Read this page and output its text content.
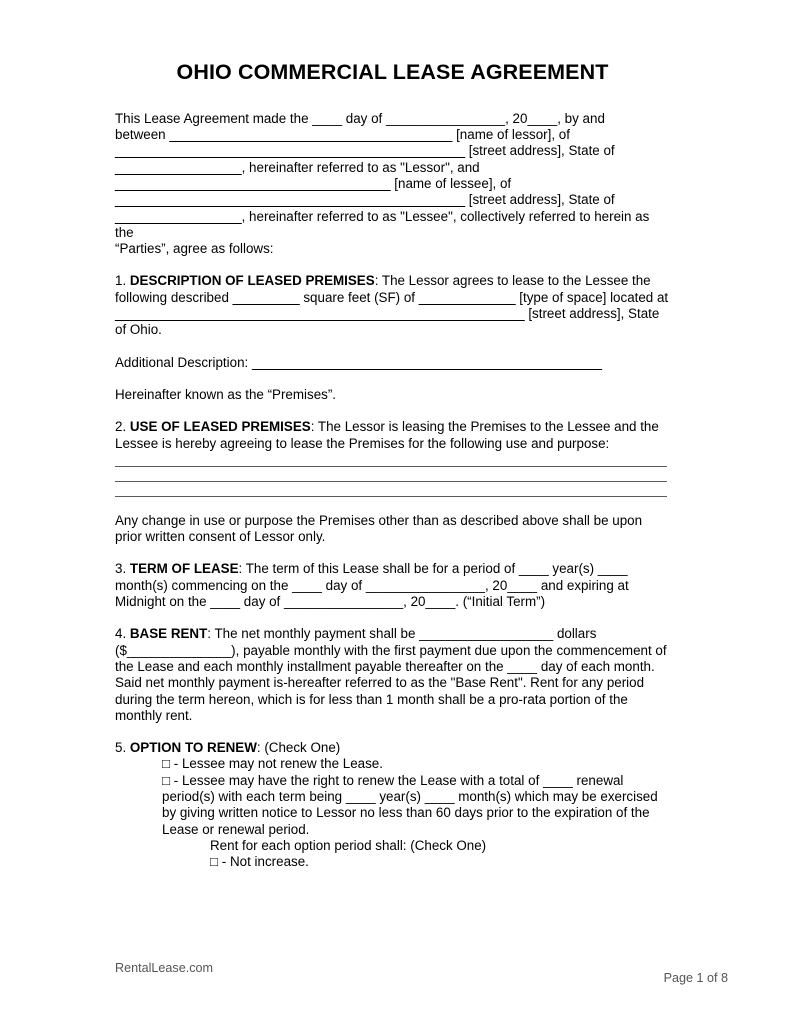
OHIO COMMERCIAL LEASE AGREEMENT

This Lease Agreement made the ____ day of ________________, 20____, by and
between ______________________________________ [name of lessor], of
_______________________________________________ [street address], State of
_________________, hereinafter referred to as "Lessor", and
_____________________________________ [name of lessee], of
_______________________________________________ [street address], State of
_________________, hereinafter referred to as "Lessee", collectively referred to herein as the
“Parties”, agree as follows:

1. DESCRIPTION OF LEASED PREMISES: The Lessor agrees to lease to the Lessee the following described _________ square feet (SF) of _____________ [type of space] located at _______________________________________________________ [street address], State of Ohio.

Additional Description: _______________________________________________

Hereinafter known as the “Premises”.

2. USE OF LEASED PREMISES: The Lessor is leasing the Premises to the Lessee and the Lessee is hereby agreeing to lease the Premises for the following use and purpose:

Any change in use or purpose the Premises other than as described above shall be upon prior written consent of Lessor only.

3. TERM OF LEASE: The term of this Lease shall be for a period of ____ year(s) ____ month(s) commencing on the ____ day of ________________, 20____ and expiring at Midnight on the ____ day of ________________, 20____. (“Initial Term”)

4. BASE RENT: The net monthly payment shall be __________________ dollars ($______________), payable monthly with the first payment due upon the commencement of the Lease and each monthly installment payable thereafter on the ____ day of each month. Said net monthly payment is-hereafter referred to as the "Base Rent". Rent for any period during the term hereon, which is for less than 1 month shall be a pro-rata portion of the monthly rent.

5. OPTION TO RENEW: (Check One)

□ - Lessee may not renew the Lease.

□ - Lessee may have the right to renew the Lease with a total of ____ renewal period(s) with each term being ____ year(s) ____ month(s) which may be exercised by giving written notice to Lessor no less than 60 days prior to the expiration of the Lease or renewal period.

Rent for each option period shall: (Check One)

□ - Not increase.

RentalLease.com
Page 1 of 8
